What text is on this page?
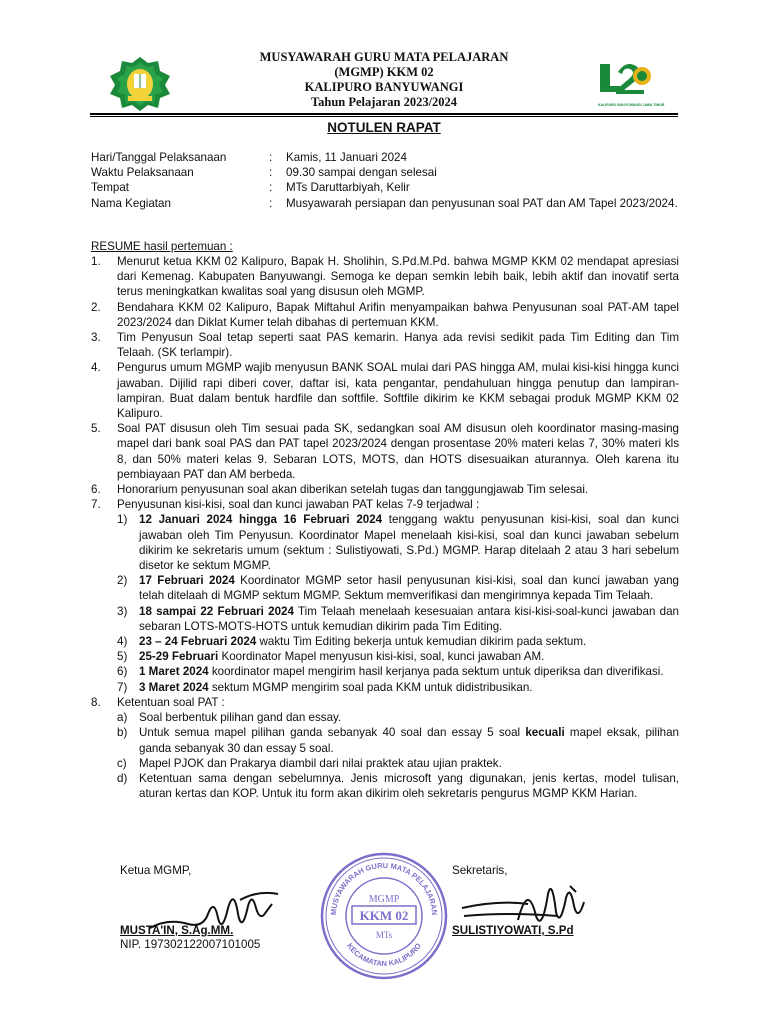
MUSYAWARAH GURU MATA PELAJARAN
(MGMP) KKM 02
KALIPURO BANYUWANGI
Tahun Pelajaran 2023/2024	KALIPURO BANYUWANGI JAWA TIMUR
NOTULEN RAPAT
Hari/Tanggal Pelaksanaan	:	Kamis, 11 Januari 2024
Waktu Pelaksanaan	:	09.30 sampai dengan selesai
Tempat	:	MTs Daruttarbiyah, Kelir
Nama Kegiatan	:	Musyawarah persiapan dan penyusunan soal PAT dan AM Tapel 2023/2024.
RESUME hasil pertemuan :
1.	Menurut ketua KKM 02 Kalipuro, Bapak H. Sholihin, S.Pd.M.Pd. bahwa MGMP KKM 02 mendapat apresiasi dari Kemenag. Kabupaten Banyuwangi. Semoga ke depan semkin lebih baik, lebih aktif dan inovatif serta terus meningkatkan kwalitas soal yang disusun oleh MGMP.
2.	Bendahara KKM 02 Kalipuro, Bapak Miftahul Arifin menyampaikan bahwa Penyusunan soal PAT-AM tapel 2023/2024 dan Diklat Kumer telah dibahas di pertemuan KKM.
3.	Tim Penyusun Soal tetap seperti saat PAS kemarin. Hanya ada revisi sedikit pada Tim Editing dan Tim Telaah. (SK terlampir).
4.	Pengurus umum MGMP wajib menyusun BANK SOAL mulai dari PAS hingga AM, mulai kisi-kisi hingga kunci jawaban. Dijilid rapi diberi cover, daftar isi, kata pengantar, pendahuluan hingga penutup dan lampiran-lampiran. Buat dalam bentuk hardfile dan softfile. Softfile dikirim ke KKM sebagai produk MGMP KKM 02 Kalipuro.
5.	Soal PAT disusun oleh Tim sesuai pada SK, sedangkan soal AM disusun oleh koordinator masing-masing mapel dari bank soal PAS dan PAT tapel 2023/2024 dengan prosentase 20% materi kelas 7, 30% materi kls 8, dan 50% materi kelas 9. Sebaran LOTS, MOTS, dan HOTS disesuaikan aturannya. Oleh karena itu pembiayaan PAT dan AM berbeda.
6.	Honorarium penyusunan soal akan diberikan setelah tugas dan tanggungjawab Tim selesai.
7.	Penyusunan kisi-kisi, soal dan kunci jawaban PAT kelas 7-9 terjadwal :
1)	12 Januari 2024 hingga 16 Februari 2024 tenggang waktu penyusunan kisi-kisi, soal dan kunci jawaban oleh Tim Penyusun. Koordinator Mapel menelaah kisi-kisi, soal dan kunci jawaban sebelum dikirim ke sekretaris umum (sektum : Sulistiyowati, S.Pd.) MGMP. Harap ditelaah 2 atau 3 hari sebelum disetor ke sektum MGMP.
2)	17 Februari 2024 Koordinator MGMP setor hasil penyusunan kisi-kisi, soal dan kunci jawaban yang telah ditelaah di MGMP sektum MGMP. Sektum memverifikasi dan mengirimnya kepada Tim Telaah.
3)	18 sampai 22 Februari 2024 Tim Telaah menelaah kesesuaian antara kisi-kisi-soal-kunci jawaban dan sebaran LOTS-MOTS-HOTS untuk kemudian dikirim pada Tim Editing.
4)	23 – 24 Februari 2024 waktu Tim Editing bekerja untuk kemudian dikirim pada sektum.
5)	25-29 Februari Koordinator Mapel menyusun kisi-kisi, soal, kunci jawaban AM.
6)	1 Maret 2024 koordinator mapel mengirim hasil kerjanya pada sektum untuk diperiksa dan diverifikasi.
7)	3 Maret 2024 sektum MGMP mengirim soal pada KKM untuk didistribusikan.
8.	Ketentuan soal PAT :
a)	Soal berbentuk pilihan gand dan essay.
b)	Untuk semua mapel pilihan ganda sebanyak 40 soal dan essay 5 soal kecuali mapel eksak, pilihan ganda sebanyak 30 dan essay 5 soal.
c)	Mapel PJOK dan Prakarya diambil dari nilai praktek atau ujian praktek.
d)	Ketentuan sama dengan sebelumnya. Jenis microsoft yang digunakan, jenis kertas, model tulisan, aturan kertas dan KOP. Untuk itu form akan dikirim oleh sekretaris pengurus MGMP KKM Harian.
Ketua MGMP,	Sekretaris,
MUSYAWARAH GURU MATA PELAJARAN
KECAMATAN KALIPURO
MGMP
KKM 02
MTs
MUSTA'IN, S.Ag.MM.
NIP. 197302122007101005
SULISTIYOWATI, S.Pd
